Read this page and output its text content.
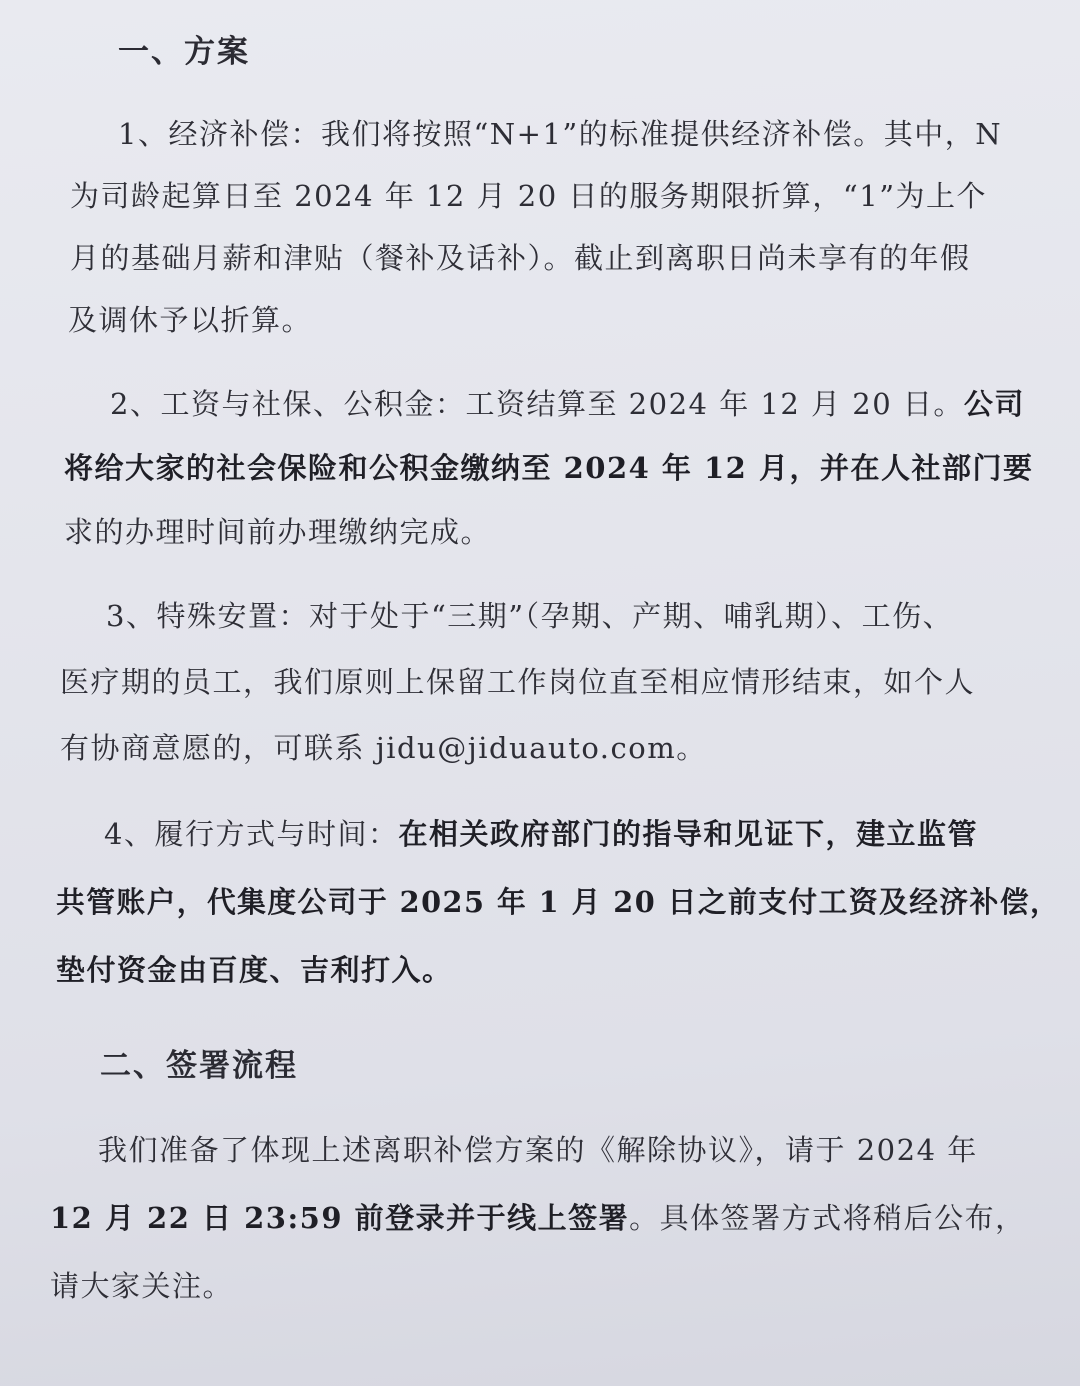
一、方案
1、经济补偿：我们将按照“N+1”的标准提供经济补偿。其中，N
为司龄起算日至 2024 年 12 月 20 日的服务期限折算，“1”为上个
月的基础月薪和津贴（餐补及话补）。截止到离职日尚未享有的年假
及调休予以折算。
2、工资与社保、公积金：工资结算至 2024 年 12 月 20 日。公司
将给大家的社会保险和公积金缴纳至 2024 年 12 月，并在人社部门要
求的办理时间前办理缴纳完成。
3、特殊安置：对于处于“三期”（孕期、产期、哺乳期）、工伤、
医疗期的员工，我们原则上保留工作岗位直至相应情形结束，如个人
有协商意愿的，可联系 jidu@jiduauto.com。
4、履行方式与时间：在相关政府部门的指导和见证下，建立监管
共管账户，代集度公司于 2025 年 1 月 20 日之前支付工资及经济补偿，
垫付资金由百度、吉利打入。
二、签署流程
我们准备了体现上述离职补偿方案的《解除协议》，请于 2024 年
12 月 22 日 23:59 前登录并于线上签署。具体签署方式将稍后公布，
请大家关注。
